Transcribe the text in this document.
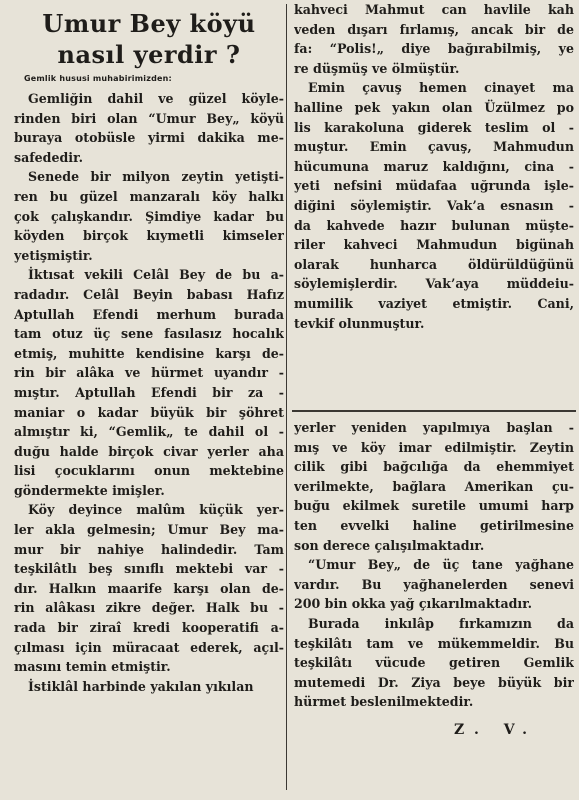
Umur Bey köyü
nasıl yerdir ?
Gemlik hususi muhabirimizden:
Gemliğin dahil ve güzel köyle-
rinden biri olan “Umur Bey„ köyü
buraya otobüsle yirmi dakika me-
safededir.
Senede bir milyon zeytin yetişti-
ren bu güzel manzaralı köy halkı
çok çalışkandır. Şimdiye kadar bu
köyden birçok kıymetli kimseler
yetişmiştir.
İktısat vekili Celâl Bey de bu a-
radadır. Celâl Beyin babası Hafız
Aptullah Efendi merhum burada
tam otuz üç sene fasılasız hocalık
etmiş, muhitte kendisine karşı de-
rin bir alâka ve hürmet uyandır -
mıştır. Aptullah Efendi bir za -
maniar o kadar büyük bir şöhret
almıştır ki, “Gemlik„ te dahil ol -
duğu halde birçok civar yerler aha
lisi çocuklarını onun mektebine
göndermekte imişler.
Köy deyince malûm küçük yer-
ler akla gelmesin; Umur Bey ma-
mur bir nahiye halindedir. Tam
teşkilâtlı beş sınıflı mektebi var -
dır. Halkın maarife karşı olan de-
rin alâkası zikre değer. Halk bu -
rada bir ziraî kredi kooperatifi a-
çılması için müracaat ederek, açıl-
masını temin etmiştir.
İstiklâl harbinde yakılan yıkılan
kahveci Mahmut can havlile kah
veden dışarı fırlamış, ancak bir de
fa: “Polis!„ diye bağırabilmiş, ye
re düşmüş ve ölmüştür.
Emin çavuş hemen cinayet ma
halline pek yakın olan Üzülmez po
lis karakoluna giderek teslim ol -
muştur. Emin çavuş, Mahmudun
hücumuna maruz kaldığını, cina -
yeti nefsini müdafaa uğrunda işle-
diğini söylemiştir. Vak’a esnasın -
da kahvede hazır bulunan müşte-
riler kahveci Mahmudun bigünah
olarak hunharca öldürüldüğünü
söylemişlerdir. Vak’aya müddeiu-
mumilik vaziyet etmiştir. Cani,
tevkif olunmuştur.
yerler yeniden yapılmıya başlan -
mış ve köy imar edilmiştir. Zeytin
cilik gibi bağcılığa da ehemmiyet
verilmekte, bağlara Amerikan çu-
buğu ekilmek suretile umumi harp
ten evvelki haline getirilmesine
son derece çalışılmaktadır.
“Umur Bey„ de üç tane yağhane
vardır. Bu yağhanelerden senevi
200 bin okka yağ çıkarılmaktadır.
Burada inkılâp fırkamızın da
teşkilâtı tam ve mükemmeldir. Bu
teşkilâtı vücude getiren Gemlik
mutemedi Dr. Ziya beye büyük bir
hürmet beslenilmektedir.
Z. V.
